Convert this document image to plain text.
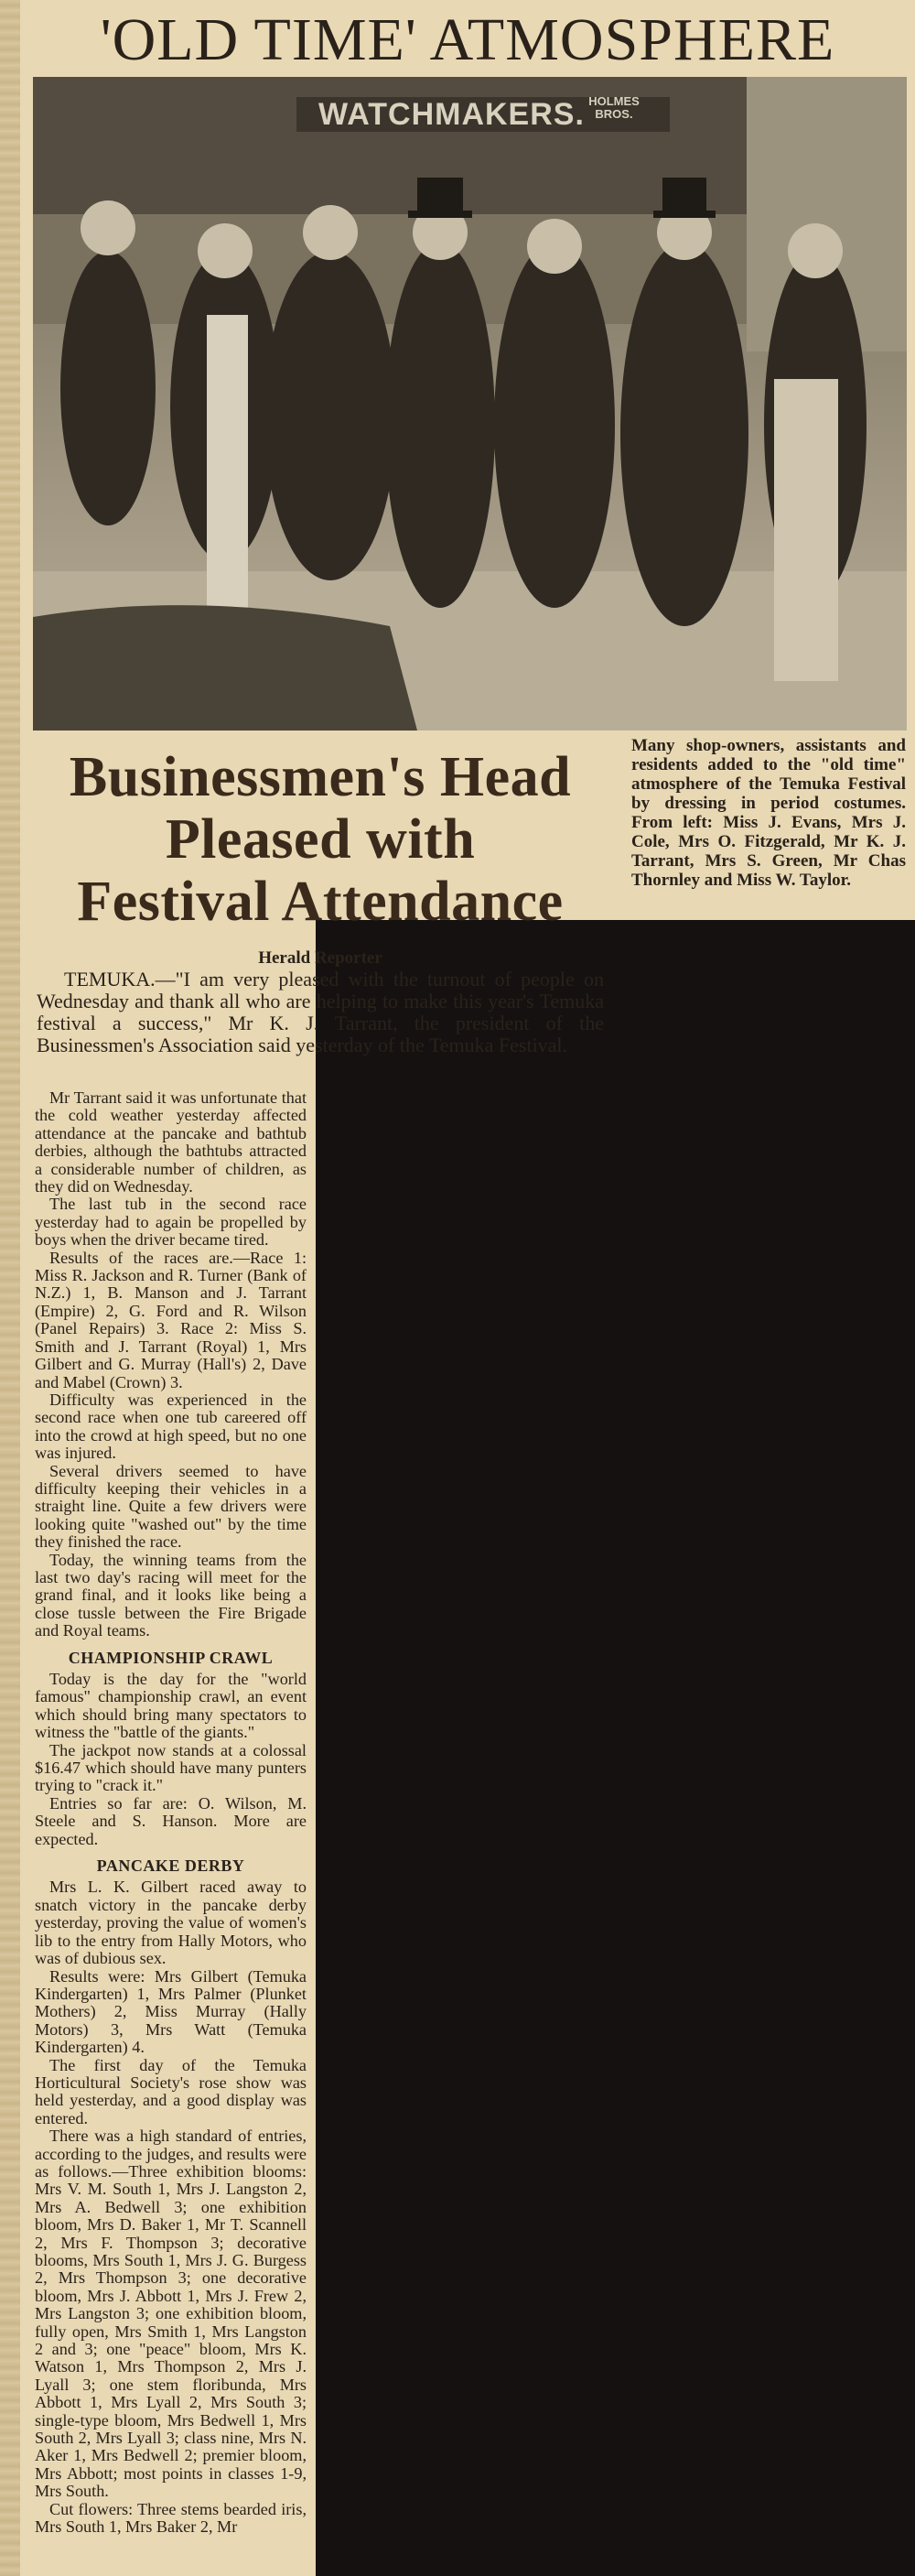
'OLD TIME' ATMOSPHERE
WATCHMAKERS. HOLMES BROS.
Businessmen's Head
Pleased with
Festival Attendance
Many shop-owners, assistants and residents added to the "old time" atmosphere of the Temuka Festival by dressing in period costumes. From left: Miss J. Evans, Mrs J. Cole, Mrs O. Fitzgerald, Mr K. J. Tarrant, Mrs S. Green, Mr Chas Thornley and Miss W. Taylor.
Herald Reporter
TEMUKA.—"I am very pleased with the turnout of people on Wednesday and thank all who are helping to make this year's Temuka festival a success," Mr K. J. Tarrant, the president of the Businessmen's Association said yesterday of the Temuka Festival.

Mr Tarrant said it was unfortunate that the cold weather yesterday affected attendance at the pancake and bathtub derbies, although the bathtubs attracted a considerable number of children, as they did on Wednesday.

The last tub in the second race yesterday had to again be propelled by boys when the driver became tired.

Results of the races are.—Race 1: Miss R. Jackson and R. Turner (Bank of N.Z.) 1, B. Manson and J. Tarrant (Empire) 2, G. Ford and R. Wilson (Panel Repairs) 3. Race 2: Miss S. Smith and J. Tarrant (Royal) 1, Mrs Gilbert and G. Murray (Hall's) 2, Dave and Mabel (Crown) 3.

Difficulty was experienced in the second race when one tub careered off into the crowd at high speed, but no one was injured.

Several drivers seemed to have difficulty keeping their vehicles in a straight line. Quite a few drivers were looking quite "washed out" by the time they finished the race.

Today, the winning teams from the last two day's racing will meet for the grand final, and it looks like being a close tussle between the Fire Brigade and Royal teams.

CHAMPIONSHIP CRAWL

Today is the day for the "world famous" championship crawl, an event which should bring many spectators to witness the "battle of the giants."

The jackpot now stands at a colossal $16.47 which should have many punters trying to "crack it."

Entries so far are: O. Wilson, M. Steele and S. Hanson. More are expected.

PANCAKE DERBY

Mrs L. K. Gilbert raced away to snatch victory in the pancake derby yesterday, proving the value of women's lib to the entry from Hally Motors, who was of dubious sex.

Results were: Mrs Gilbert (Temuka Kindergarten) 1, Mrs Palmer (Plunket Mothers) 2, Miss Murray (Hally Motors) 3, Mrs Watt (Temuka Kindergarten) 4.

The first day of the Temuka Horticultural Society's rose show was held yesterday, and a good display was entered.

There was a high standard of entries, according to the judges, and results were as follows.—Three exhibition blooms: Mrs V. M. South 1, Mrs J. Langston 2, Mrs A. Bedwell 3; one exhibition bloom, Mrs D. Baker 1, Mr T. Scannell 2, Mrs F. Thompson 3; decorative blooms, Mrs South 1, Mrs J. G. Burgess 2, Mrs Thompson 3; one decorative bloom, Mrs J. Abbott 1, Mrs J. Frew 2, Mrs Langston 3; one exhibition bloom, fully open, Mrs Smith 1, Mrs Langston 2 and 3; one "peace" bloom, Mrs K. Watson 1, Mrs Thompson 2, Mrs J. Lyall 3; one stem floribunda, Mrs Abbott 1, Mrs Lyall 2, Mrs South 3; single-type bloom, Mrs Bedwell 1, Mrs South 2, Mrs Lyall 3; class nine, Mrs N. Aker 1, Mrs Bedwell 2; premier bloom, Mrs Abbott; most points in classes 1-9, Mrs South.

Cut flowers: Three stems bearded iris, Mrs South 1, Mrs Baker 2, Mr
